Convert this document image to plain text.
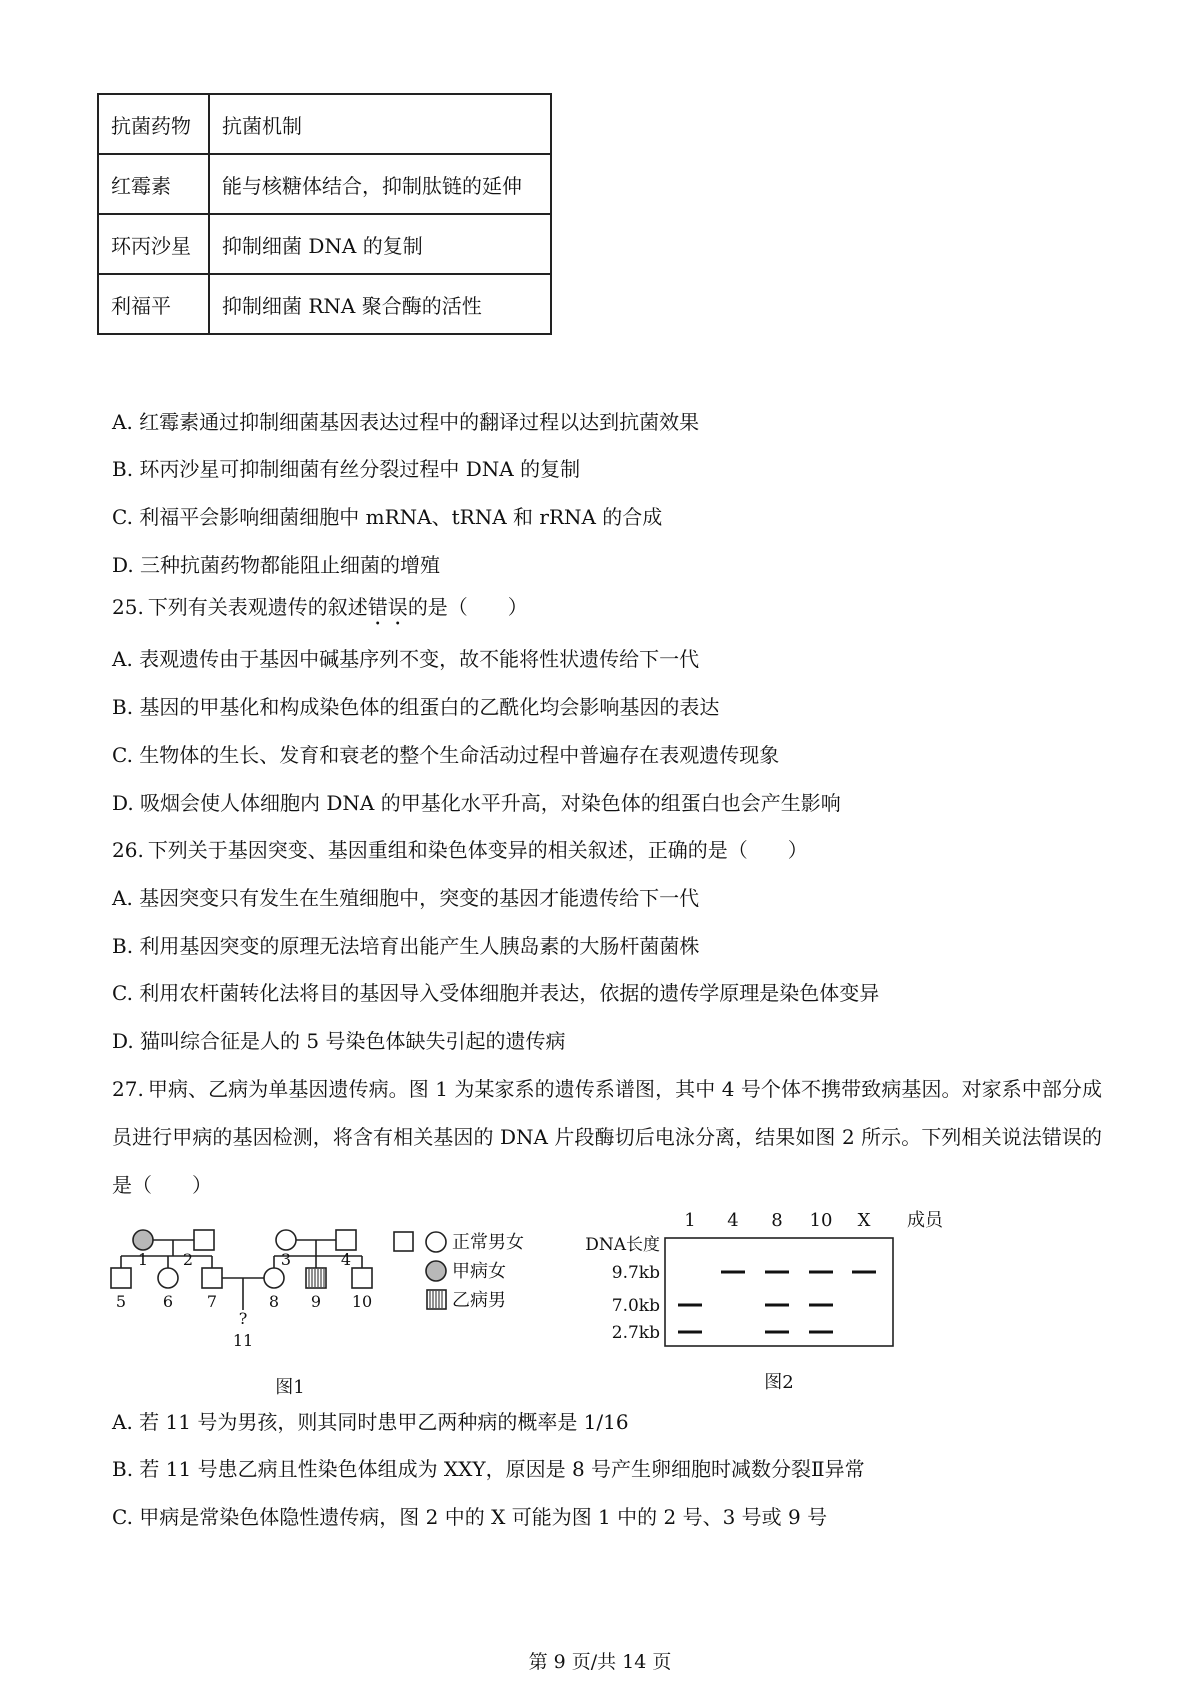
抗菌药物	抗菌机制
红霉素	能与核糖体结合，抑制肽链的延伸
环丙沙星	抑制细菌 DNA 的复制
利福平	抑制细菌 RNA 聚合酶的活性
A. 红霉素通过抑制细菌基因表达过程中的翻译过程以达到抗菌效果
B. 环丙沙星可抑制细菌有丝分裂过程中 DNA 的复制
C. 利福平会影响细菌细胞中 mRNA、tRNA 和 rRNA 的合成
D. 三种抗菌药物都能阻止细菌的增殖
25. 下列有关表观遗传的叙述错误的是（　　）
A. 表观遗传由于基因中碱基序列不变，故不能将性状遗传给下一代
B. 基因的甲基化和构成染色体的组蛋白的乙酰化均会影响基因的表达
C. 生物体的生长、发育和衰老的整个生命活动过程中普遍存在表观遗传现象
D. 吸烟会使人体细胞内 DNA 的甲基化水平升高，对染色体的组蛋白也会产生影响
26. 下列关于基因突变、基因重组和染色体变异的相关叙述，正确的是（　　）
A. 基因突变只有发生在生殖细胞中，突变的基因才能遗传给下一代
B. 利用基因突变的原理无法培育出能产生人胰岛素的大肠杆菌菌株
C. 利用农杆菌转化法将目的基因导入受体细胞并表达，依据的遗传学原理是染色体变异
D. 猫叫综合征是人的 5 号染色体缺失引起的遗传病
27. 甲病、乙病为单基因遗传病。图 1 为某家系的遗传系谱图，其中 4 号个体不携带致病基因。对家系中部分成员进行甲病的基因检测，将含有相关基因的 DNA 片段酶切后电泳分离，结果如图 2 所示。下列相关说法错误的是（　　）
1 2	3	4
5 6 7	8 9 10
?
11
图1
正常男女
甲病女
乙病男
1 4 8 10 X 成员
DNA长度
9.7kb
7.0kb
2.7kb
图2
A. 若 11 号为男孩，则其同时患甲乙两种病的概率是 1/16
B. 若 11 号患乙病且性染色体组成为 XXY，原因是 8 号产生卵细胞时减数分裂Ⅱ异常
C. 甲病是常染色体隐性遗传病，图 2 中的 X 可能为图 1 中的 2 号、3 号或 9 号
第 9 页/共 14 页
